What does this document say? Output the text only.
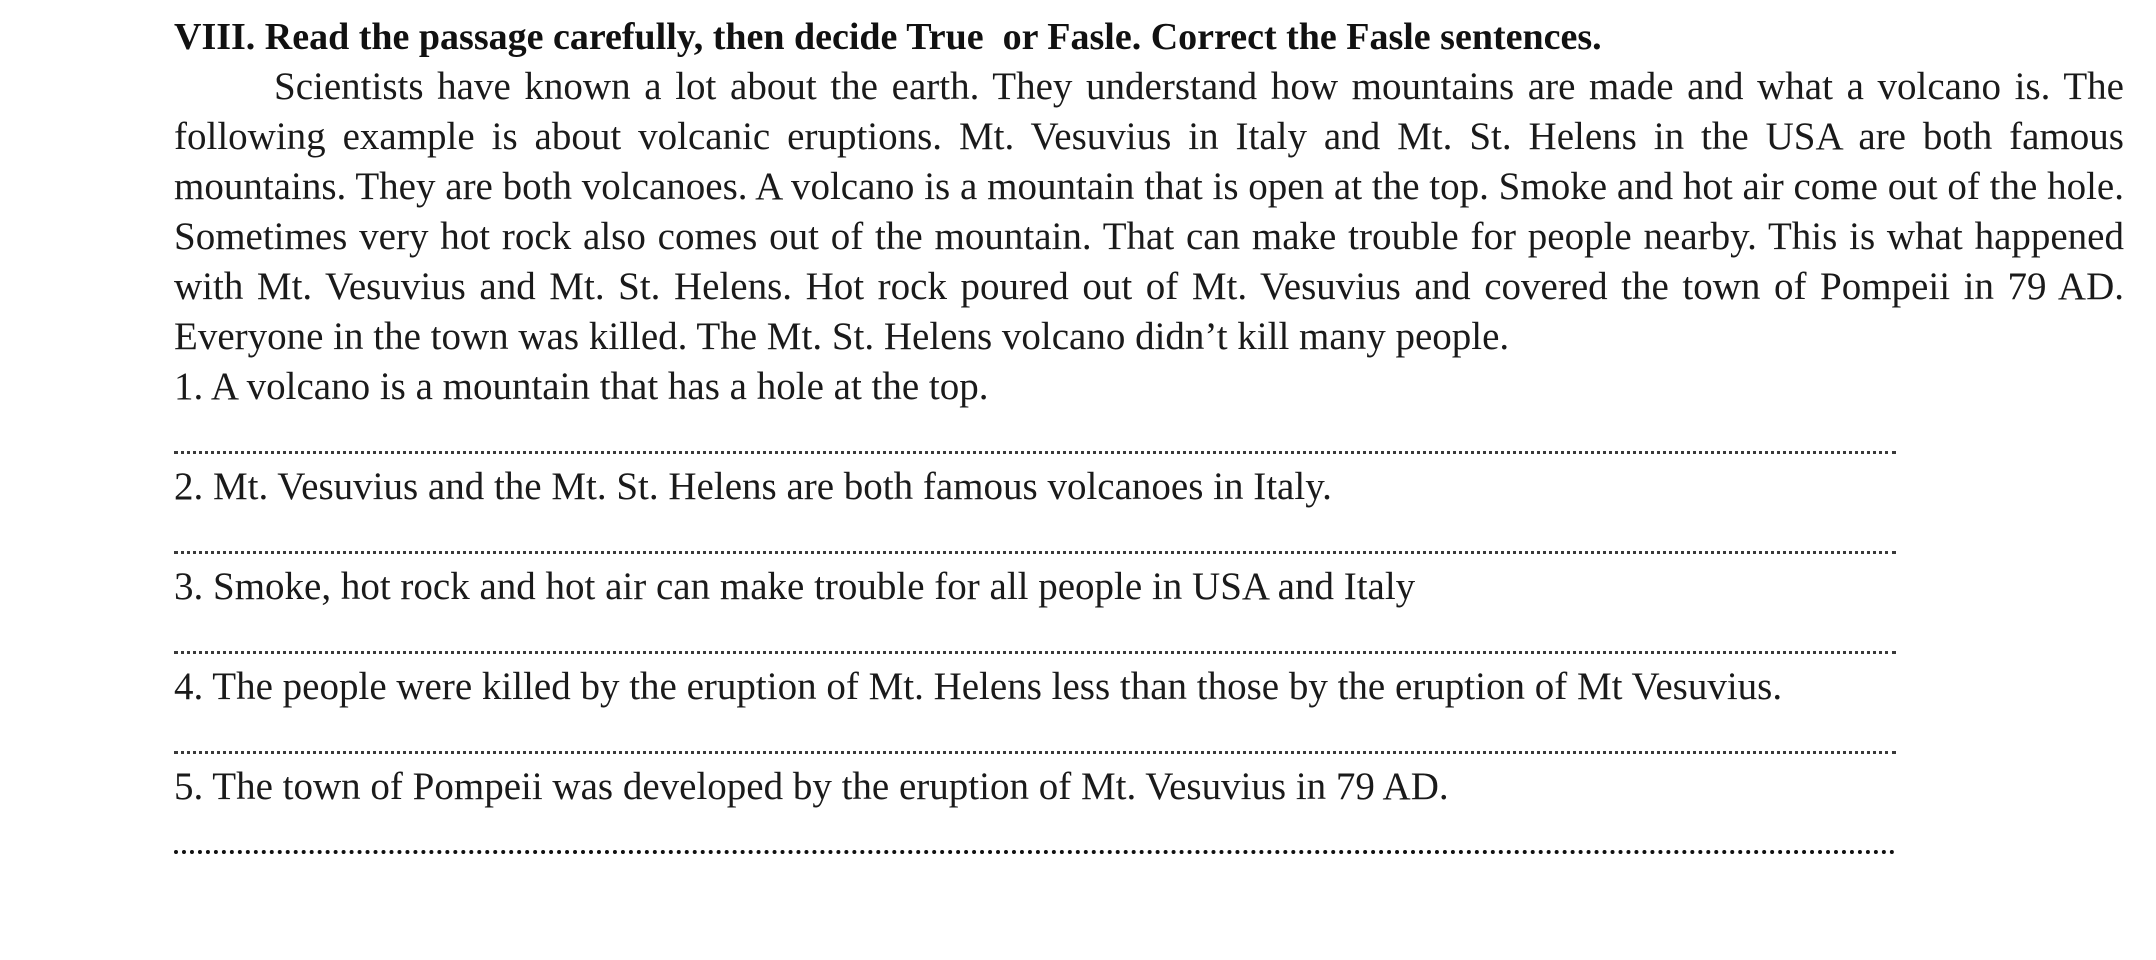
VIII. Read the passage carefully, then decide True  or Fasle. Correct the Fasle sentences.

Scientists have known a lot about the earth. They understand how mountains are made and what a volcano is. The following example is about volcanic eruptions. Mt. Vesuvius in Italy and Mt. St. Helens in the USA are both famous mountains. They are both volcanoes. A volcano is a mountain that is open at the top. Smoke and hot air come out of the hole. Sometimes very hot rock also comes out of the mountain. That can make trouble for people nearby. This is what happened with Mt. Vesuvius and Mt. St. Helens. Hot rock poured out of Mt. Vesuvius and covered the town of Pompeii in 79 AD. Everyone in the town was killed. The Mt. St. Helens volcano didn’t kill many people.

1. A volcano is a mountain that has a hole at the top.
2. Mt. Vesuvius and the Mt. St. Helens are both famous volcanoes in Italy.
3. Smoke, hot rock and hot air can make trouble for all people in USA and Italy
4. The people were killed by the eruption of Mt. Helens less than those by the eruption of Mt Vesuvius.
5. The town of Pompeii was developed by the eruption of Mt. Vesuvius in 79 AD.
